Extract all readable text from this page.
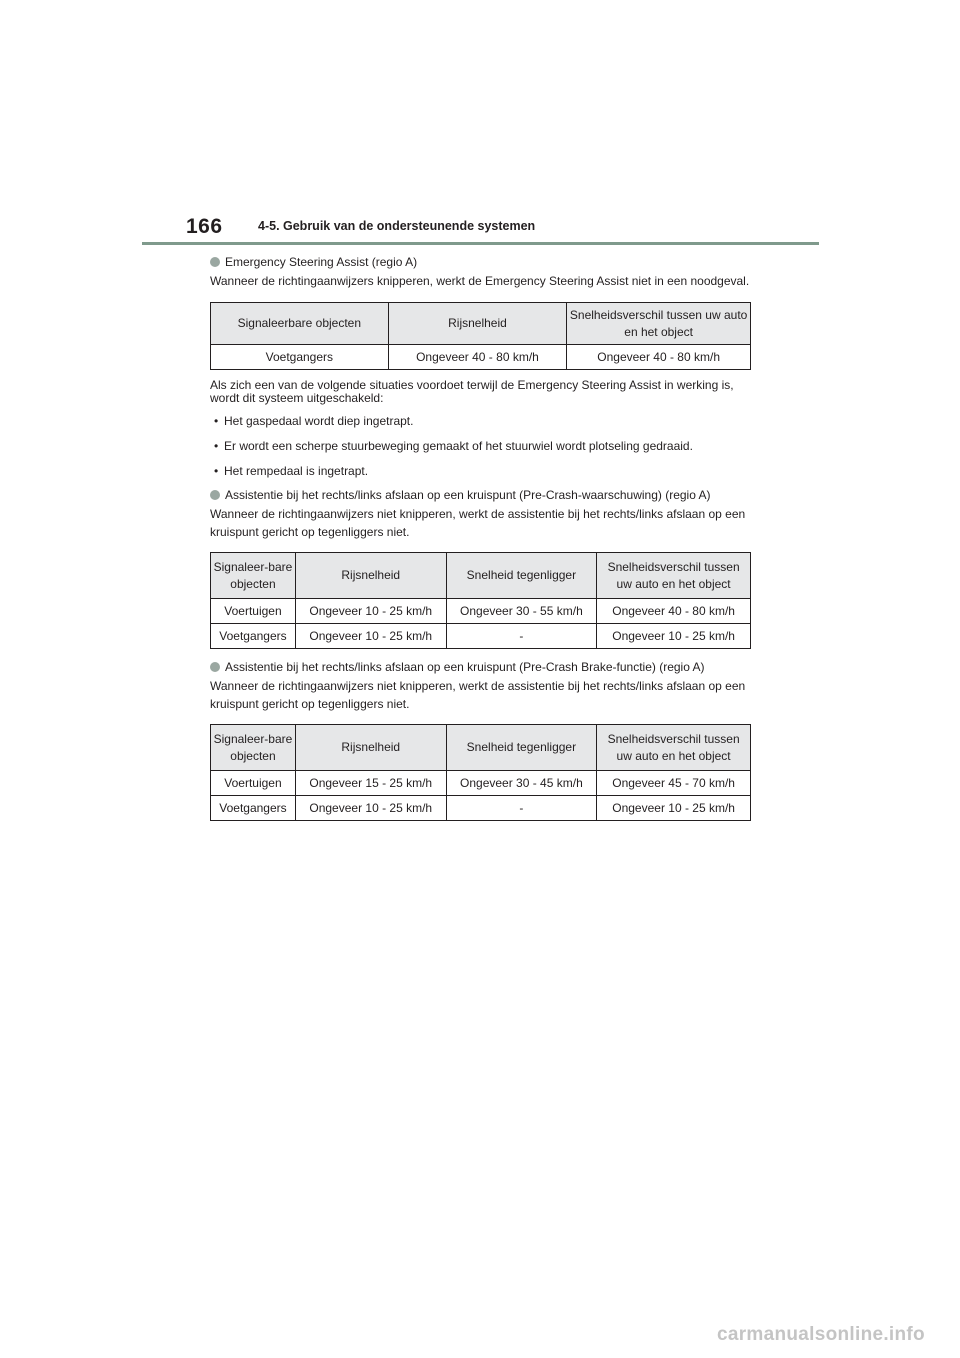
166	4-5. Gebruik van de ondersteunende systemen
Emergency Steering Assist (regio A)

Wanneer de richtingaanwijzers knipperen, werkt de Emergency Steering Assist niet in een noodgeval.

Signaleerbare objecten	Rijsnelheid	Snelheidsverschil tussen uw auto en het object
Voetgangers	Ongeveer 40 - 80 km/h	Ongeveer 40 - 80 km/h

Als zich een van de volgende situaties voordoet terwijl de Emergency Steering Assist in werking is, wordt dit systeem uitgeschakeld:

• Het gaspedaal wordt diep ingetrapt.
• Er wordt een scherpe stuurbeweging gemaakt of het stuurwiel wordt plotseling gedraaid.
• Het rempedaal is ingetrapt.
Assistentie bij het rechts/links afslaan op een kruispunt (Pre-Crash-waarschuwing) (regio A)

Wanneer de richtingaanwijzers niet knipperen, werkt de assistentie bij het rechts/links afslaan op een kruispunt gericht op tegenliggers niet.

Signaleer-bare objecten	Rijsnelheid	Snelheid tegenligger	Snelheidsverschil tussen uw auto en het object
Voertuigen	Ongeveer 10 - 25 km/h	Ongeveer 30 - 55 km/h	Ongeveer 40 - 80 km/h
Voetgangers	Ongeveer 10 - 25 km/h	-	Ongeveer 10 - 25 km/h
Assistentie bij het rechts/links afslaan op een kruispunt (Pre-Crash Brake-functie) (regio A)

Wanneer de richtingaanwijzers niet knipperen, werkt de assistentie bij het rechts/links afslaan op een kruispunt gericht op tegenliggers niet.

Signaleer-bare objecten	Rijsnelheid	Snelheid tegenligger	Snelheidsverschil tussen uw auto en het object
Voertuigen	Ongeveer 15 - 25 km/h	Ongeveer 30 - 45 km/h	Ongeveer 45 - 70 km/h
Voetgangers	Ongeveer 10 - 25 km/h	-	Ongeveer 10 - 25 km/h
carmanualsonline.info
